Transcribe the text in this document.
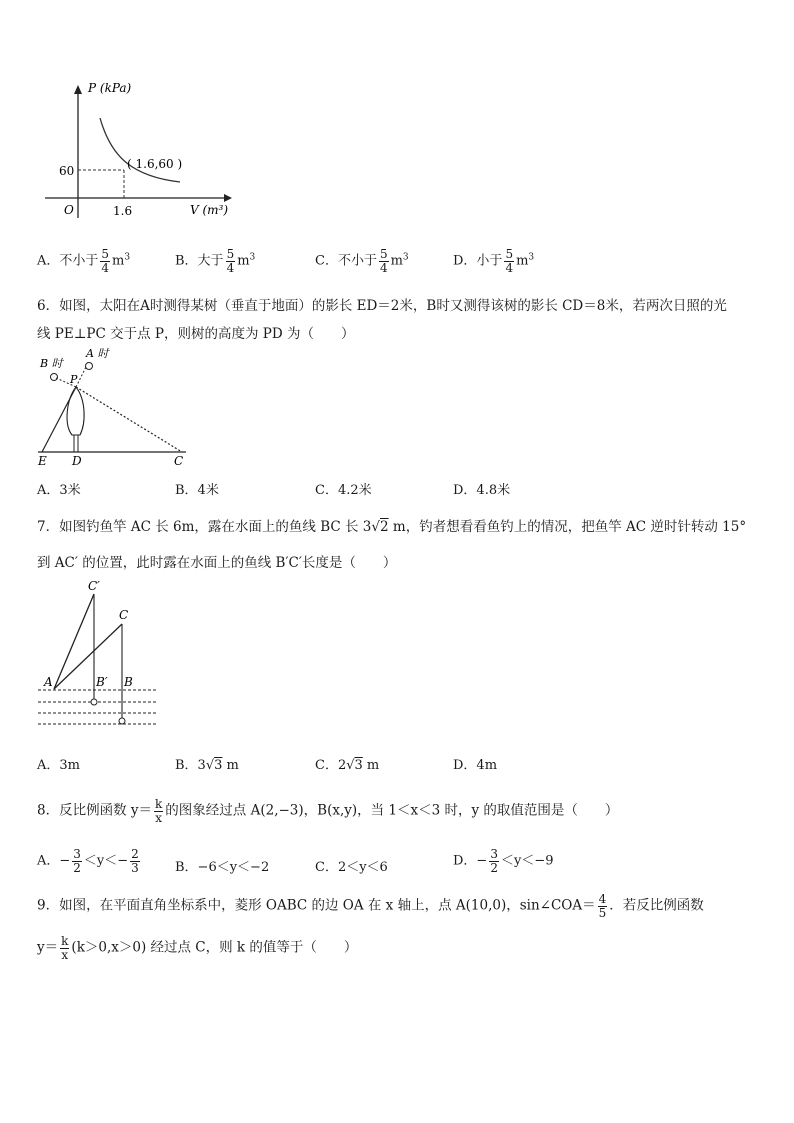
P (kPa)
V (m³)
O
60
1.6
( 1.6,60 )
A．不小于 $\frac{5}{4} m^3$	B．大于 $\frac{5}{4} m^3$	C．不小于 $\frac{5}{4} m^3$	D．小于 $\frac{5}{4} m^3$
6．如图，太阳在A时测得某树（垂直于地面）的影长 ED＝2米，B时又测得该树的影长 CD＝8米，若两次日照的光
线 PE⊥PC 交于点 P，则树的高度为 PD 为（　　）
B 时
A 时
P
E D	C
A．3米	B．4米	C．4.2米	D．4.8米
7．如图钓鱼竿 AC 长 6m，露在水面上的鱼线 BC 长 3√2 m，钓者想看看鱼钓上的情况，把鱼竿 AC 逆时针转动 15°
到 AC′ 的位置，此时露在水面上的鱼线 B′C′长度是（　　）
C′
C
A	B′ B
A．3m	B．3√3 m	C．2√3 m	D．4m
8．反比例函数 $y= \frac{k}{x}$ 的图象经过点 A(2,−3)，B(x,y)，当 1＜x＜3 时，y 的取值范围是（　　）
A．− $\frac{3}{2} <y<- \frac{2}{3}$	B．−6＜y＜−2	C．2＜y＜6	D．− $\frac{3}{2} <y<-9$
9．如图，在平面直角坐标系中，菱形 OABC 的边 OA 在 x 轴上，点 A(10,0)，sin∠COA＝ $\frac{4}{5}$ ．若反比例函数
$y= \frac{k}{x} (k>0,x>0)$ 经过点 C，则 k 的值等于（　　）
